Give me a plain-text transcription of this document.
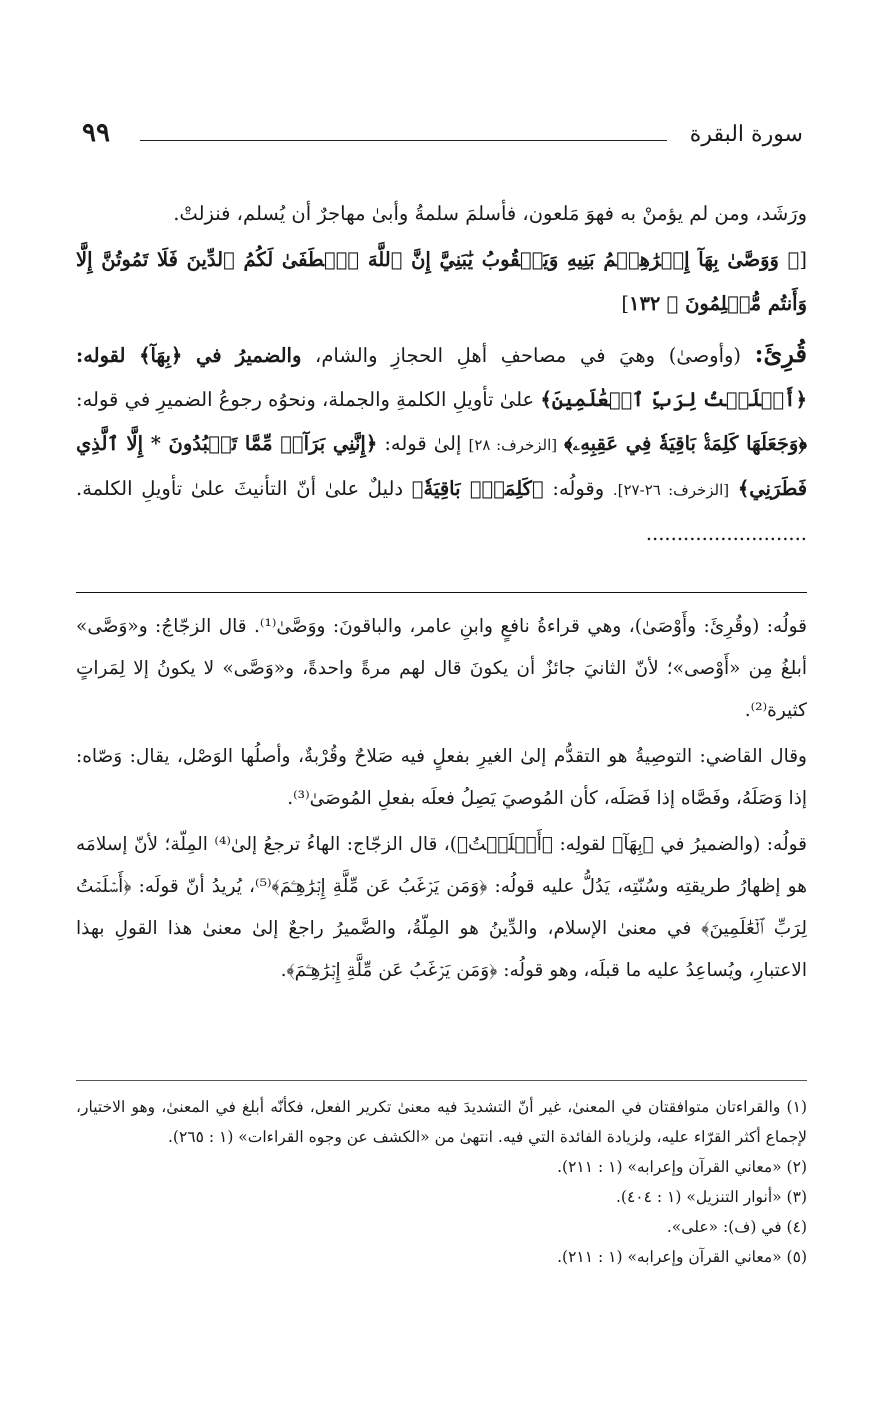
سورة البقرة
٩٩

ورَشَد، ومن لم يؤمنْ به فهوَ مَلعون، فأسلمَ سلمةُ وأبىٰ مهاجرٌ أن يُسلم، فنزلتْ.

[﴿ وَوَصَّىٰ بِهَآ إِبۡرَٰهِـۧمُ بَنِيهِ وَيَعۡقُوبُ يَٰبَنِيَّ إِنَّ ٱللَّهَ ٱصۡطَفَىٰ لَكُمُ ٱلدِّينَ فَلَا تَمُوتُنَّ إِلَّا وَأَنتُم مُّسۡلِمُونَ ﴾ ١٣٢]

قُرِئَ: (وأوصىٰ) وهيَ في مصاحفِ أهلِ الحجازِ والشام، والضميرُ في ﴿بِهَآ﴾ لقوله: ﴿أَسۡلَمۡتُ لِرَبِّ ٱلۡعَٰلَمِينَ﴾ علىٰ تأويلِ الكلمةِ والجملة، ونحوُه رجوعُ الضميرِ في قوله: ﴿وَجَعَلَهَا كَلِمَةَۢ بَاقِيَةٗ فِي عَقِبِهِۦ﴾ [الزخرف: ٢٨] إلىٰ قوله: ﴿إِنَّنِي بَرَآءٞ مِّمَّا تَعۡبُدُونَ * إِلَّا ٱلَّذِي فَطَرَنِي﴾ [الزخرف: ٢٦-٢٧]. وقولُه: ﴿كَلِمَةَۢ بَاقِيَةٗ﴾ دليلٌ علىٰ أنّ التأنيثَ علىٰ تأويلِ الكلمة. ..........................

قولُه: (وقُرِئَ: وأَوْصَىٰ)، وهي قراءةُ نافعٍ وابنِ عامر، والباقونَ: ووَصَّىٰ⁽¹⁾. قال الزجّاجُ: و«وَصَّى» أبلغُ مِن «أَوْصى»؛ لأنّ الثانيَ جائزٌ أن يكونَ قال لهم مرةً واحدةً، و«وَصَّى» لا يكونُ إلا لِمَراتٍ كثيرة⁽²⁾.

وقال القاضي: التوصِيةُ هو التقدُّم إلىٰ الغيرِ بفعلٍ فيه صَلاحٌ وقُرْبةٌ، وأصلُها الوَصْل، يقال: وَصّاه: إذا وَصَلَهُ، وفَصَّاه إذا فَصَلَه، كأن المُوصيَ يَصِلُ فعلَه بفعلِ المُوصَىٰ⁽³⁾.

قولُه: (والضميرُ في ﴿بِهَآ﴾ لقولِه: ﴿أَسۡلَمۡتُ﴾)، قال الزجّاج: الهاءُ ترجعُ إلىٰ⁽⁴⁾ المِلّة؛ لأنّ إسلامَه هو إظهارُ طريقتِه وسُنّتِه، يَدُلُّ عليه قولُه: ﴿وَمَن يَرۡغَبُ عَن مِّلَّةِ إِبۡرَٰهِـۧمَ﴾⁽⁵⁾، يُريدُ أنّ قولَه: ﴿أَسۡلَمۡتُ لِرَبِّ ٱلۡعَٰلَمِينَ﴾ في معنىٰ الإسلام، والدِّينُ هو المِلّةُ، والضَّميرُ راجعٌ إلىٰ معنىٰ هذا القولِ بهذا الاعتبارِ، ويُساعِدُ عليه ما قبلَه، وهو قولُه: ﴿وَمَن يَرۡغَبُ عَن مِّلَّةِ إِبۡرَٰهِـۧمَ﴾.

(١) والقراءتان متوافقتان في المعنىٰ، غير أنّ التشديدَ فيه معنىٰ تكرير الفعل، فكأنّه أبلغ في المعنىٰ، وهو الاختيار، لإجماع أكثر القرّاء عليه، ولزيادة الفائدة التي فيه. انتهىٰ من «الكشف عن وجوه القراءات» (١ : ٢٦٥).

(٢) «معاني القرآن وإعرابه» (١ : ٢١١).

(٣) «أنوار التنزيل» (١ : ٤٠٤).

(٤) في (ف): «على».

(٥) «معاني القرآن وإعرابه» (١ : ٢١١).
